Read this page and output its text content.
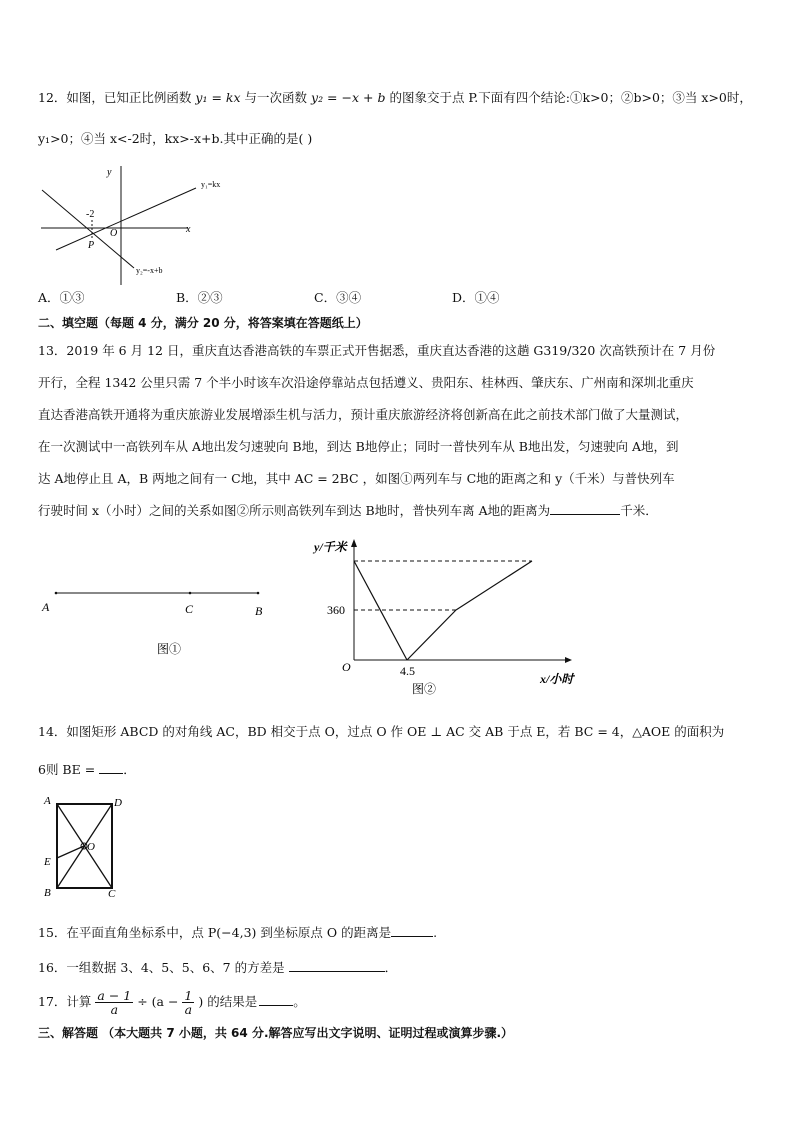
12．如图，已知正比例函数 y₁ = kx 与一次函数 y₂ = −x + b 的图象交于点 P.下面有四个结论:①k>0；②b>0；③当 x>0时，
y₁>0；④当 x<-2时，kx>-x+b.其中正确的是( )
x
y
O
-2
P
y₁=kx
y₂=-x+b
A．①③	B．②③	C．③④	D．①④
二、填空题（每题 4 分，满分 20 分，将答案填在答题纸上）
13．2019 年 6 月 12 日，重庆直达香港高铁的车票正式开售据悉，重庆直达香港的这趟 G319/320 次高铁预计在 7 月份
开行，全程 1342 公里只需 7 个半小时该车次沿途停靠站点包括遵义、贵阳东、桂林西、肇庆东、广州南和深圳北重庆
直达香港高铁开通将为重庆旅游业发展增添生机与活力，预计重庆旅游经济将创新高在此之前技术部门做了大量测试，
在一次测试中一高铁列车从 A地出发匀速驶向 B地，到达 B地停止；同时一普快列车从 B地出发，匀速驶向 A地，到
达 A地停止且 A，B 两地之间有一 C地，其中 AC = 2BC ，如图①两列车与 C地的距离之和 y（千米）与普快列车
行驶时间 x（小时）之间的关系如图②所示则高铁列车到达 B地时，普快列车离 A地的距离为	千米．
A	C	B
图①
y/千米
x/小时
O
360
4.5
图②
14．如图矩形 ABCD 的对角线 AC，BD 相交于点 O，过点 O 作 OE ⊥ AC 交 AB 于点 E，若 BC = 4，△AOE 的面积为
6则 BE = ．
A	D
E
O
B	C
15．在平面直角坐标系中，点 P(−4,3) 到坐标原点 O 的距离是	.
16．一组数据 3、4、5、5、6、7 的方差是	．
17．计算 $\frac{a - 1}{a} \div (a - \frac{1}{a}$ ) 的结果是	。
三、解答题 （本大题共 7 小题，共 64 分.解答应写出文字说明、证明过程或演算步骤.）
